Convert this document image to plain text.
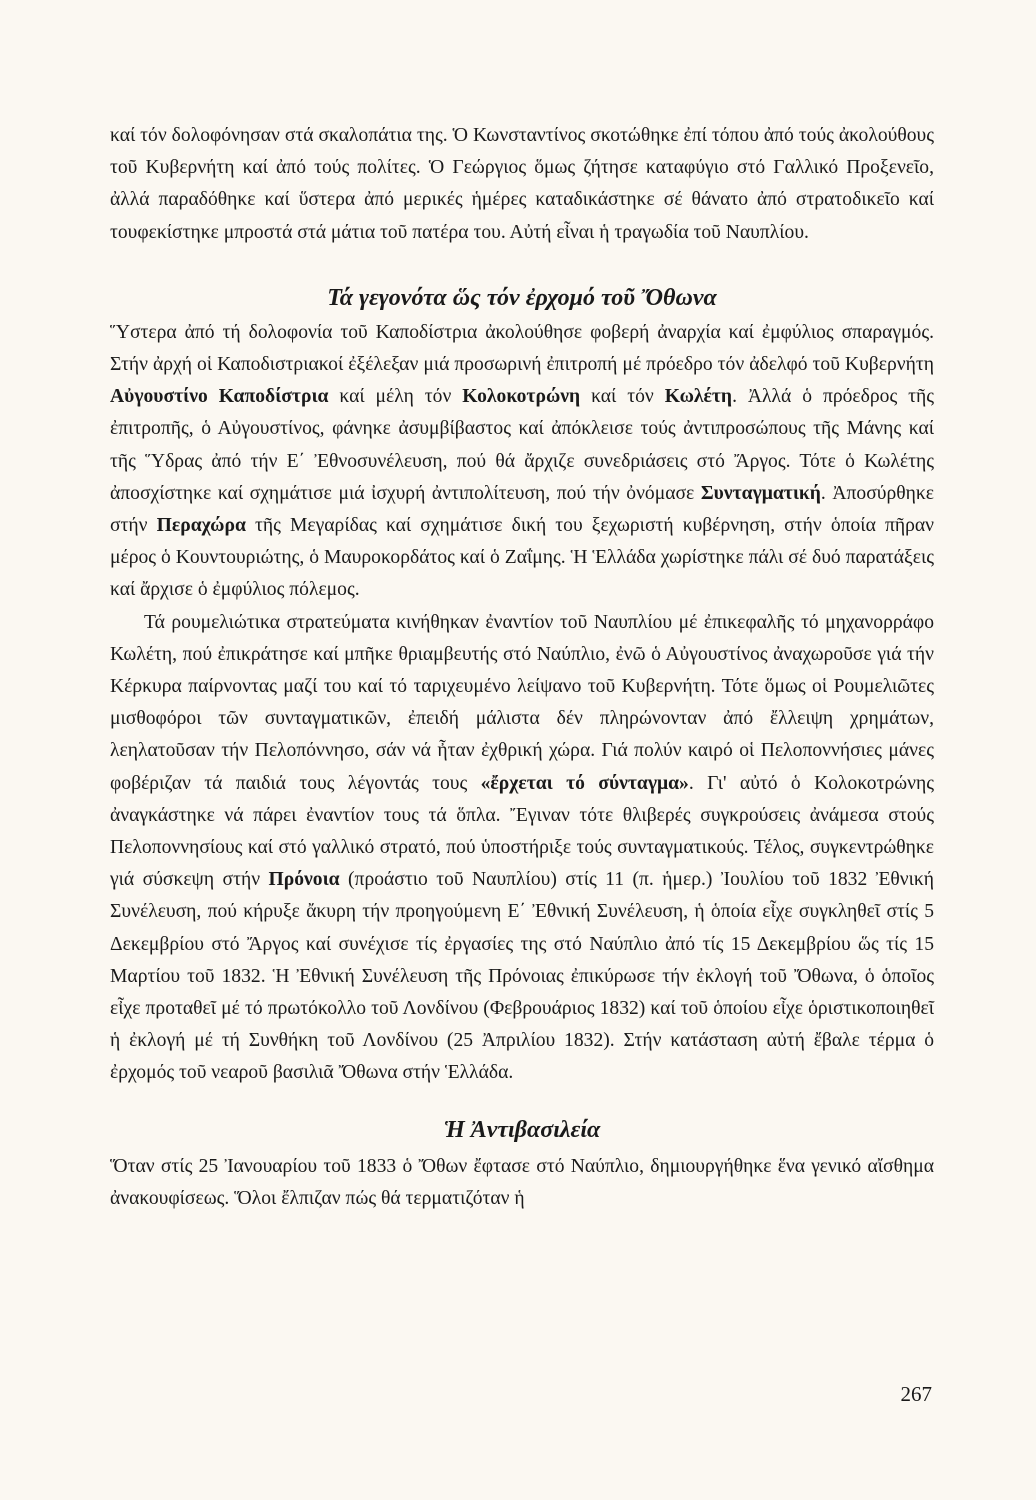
καί τόν δολοφόνησαν στά σκαλοπάτια της. Ὁ Κωνσταντίνος σκοτώθηκε ἐπί τόπου ἀπό τούς ἀκολούθους τοῦ Κυβερνήτη καί ἀπό τούς πολίτες. Ὁ Γεώργιος ὅμως ζήτησε καταφύγιο στό Γαλλικό Προξενεῖο, ἀλλά παραδόθηκε καί ὕστερα ἀπό μερικές ἡμέρες καταδικάστηκε σέ θάνατο ἀπό στρατοδικεῖο καί τουφεκίστηκε μπροστά στά μάτια τοῦ πατέρα του. Αὐτή εἶναι ἡ τραγωδία τοῦ Ναυπλίου.

Τά γεγονότα ὥς τόν ἐρχομό τοῦ Ὄθωνα

Ὕστερα ἀπό τή δολοφονία τοῦ Καποδίστρια ἀκολούθησε φοβερή ἀναρχία καί ἐμφύλιος σπαραγμός. Στήν ἀρχή οἱ Καποδιστριακοί ἐξέλεξαν μιά προσωρινή ἐπιτροπή μέ πρόεδρο τόν ἀδελφό τοῦ Κυβερνήτη Αὐγουστίνο Καποδίστρια καί μέλη τόν Κολοκοτρώνη καί τόν Κωλέτη. Ἀλλά ὁ πρόεδρος τῆς ἐπιτροπῆς, ὁ Αὐγουστίνος, φάνηκε ἀσυμβίβαστος καί ἀπόκλεισε τούς ἀντιπροσώπους τῆς Μάνης καί τῆς Ὕδρας ἀπό τήν Ε΄ Ἐθνοσυνέλευση, πού θά ἄρχιζε συνεδριάσεις στό Ἄργος. Τότε ὁ Κωλέτης ἀποσχίστηκε καί σχημάτισε μιά ἰσχυρή ἀντιπολίτευση, πού τήν ὀνόμασε Συνταγματική. Ἀποσύρθηκε στήν Περαχώρα τῆς Μεγαρίδας καί σχημάτισε δική του ξεχωριστή κυβέρνηση, στήν ὁποία πῆραν μέρος ὁ Κουντουριώτης, ὁ Μαυροκορδάτος καί ὁ Ζαΐμης. Ἡ Ἑλλάδα χωρίστηκε πάλι σέ δυό παρατάξεις καί ἄρχισε ὁ ἐμφύλιος πόλεμος.

Τά ρουμελιώτικα στρατεύματα κινήθηκαν ἐναντίον τοῦ Ναυπλίου μέ ἐπικεφαλῆς τό μηχανορράφο Κωλέτη, πού ἐπικράτησε καί μπῆκε θριαμβευτής στό Ναύπλιο, ἐνῶ ὁ Αὐγουστίνος ἀναχωροῦσε γιά τήν Κέρκυρα παίρνοντας μαζί του καί τό ταριχευμένο λείψανο τοῦ Κυβερνήτη. Τότε ὅμως οἱ Ρουμελιῶτες μισθοφόροι τῶν συνταγματικῶν, ἐπειδή μάλιστα δέν πληρώνονταν ἀπό ἔλλειψη χρημάτων, λεηλατοῦσαν τήν Πελοπόννησο, σάν νά ἦταν ἐχθρική χώρα. Γιά πολύν καιρό οἱ Πελοποννήσιες μάνες φοβέριζαν τά παιδιά τους λέγοντάς τους «ἔρχεται τό σύνταγμα». Γι' αὐτό ὁ Κολοκοτρώνης ἀναγκάστηκε νά πάρει ἐναντίον τους τά ὅπλα. Ἔγιναν τότε θλιβερές συγκρούσεις ἀνάμεσα στούς Πελοποννησίους καί στό γαλλικό στρατό, πού ὑποστήριξε τούς συνταγματικούς. Τέλος, συγκεντρώθηκε γιά σύσκεψη στήν Πρόνοια (προάστιο τοῦ Ναυπλίου) στίς 11 (π. ἡμερ.) Ἰουλίου τοῦ 1832 Ἐθνική Συνέλευση, πού κήρυξε ἄκυρη τήν προηγούμενη Ε΄ Ἐθνική Συνέλευση, ἡ ὁποία εἶχε συγκληθεῖ στίς 5 Δεκεμβρίου στό Ἄργος καί συνέχισε τίς ἐργασίες της στό Ναύπλιο ἀπό τίς 15 Δεκεμβρίου ὥς τίς 15 Μαρτίου τοῦ 1832. Ἡ Ἐθνική Συνέλευση τῆς Πρόνοιας ἐπικύρωσε τήν ἐκλογή τοῦ Ὄθωνα, ὁ ὁποῖος εἶχε προταθεῖ μέ τό πρωτόκολλο τοῦ Λονδίνου (Φεβρουάριος 1832) καί τοῦ ὁποίου εἶχε ὁριστικοποιηθεῖ ἡ ἐκλογή μέ τή Συνθήκη τοῦ Λονδίνου (25 Ἀπριλίου 1832). Στήν κατάσταση αὐτή ἔβαλε τέρμα ὁ ἐρχομός τοῦ νεαροῦ βασιλιᾶ Ὄθωνα στήν Ἑλλάδα.

Ἡ Ἀντιβασιλεία

Ὅταν στίς 25 Ἰανουαρίου τοῦ 1833 ὁ Ὄθων ἔφτασε στό Ναύπλιο, δημιουργήθηκε ἕνα γενικό αἴσθημα ἀνακουφίσεως. Ὅλοι ἔλπιζαν πώς θά τερματιζόταν ἡ

267
